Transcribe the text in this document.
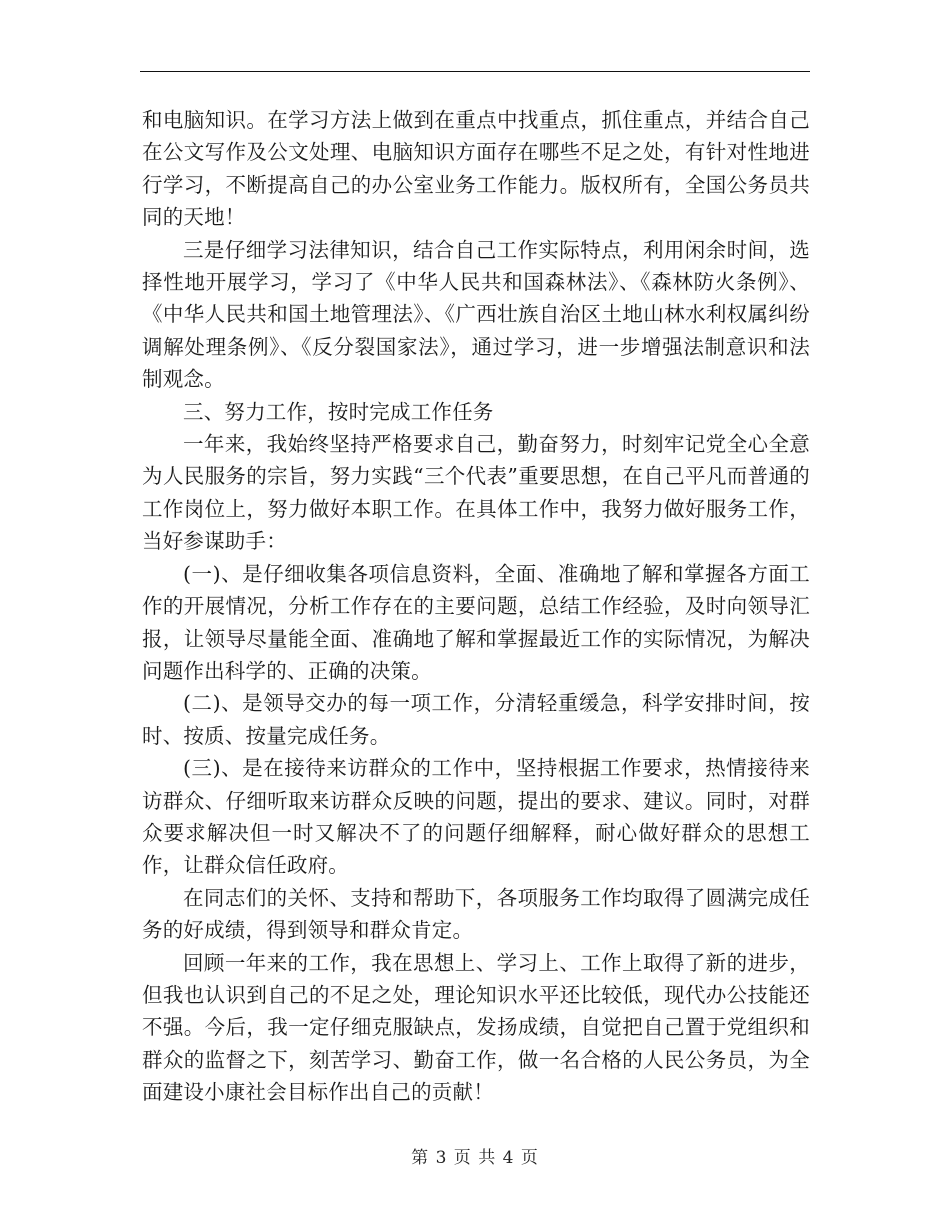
和电脑知识。在学习方法上做到在重点中找重点，抓住重点，并结合自己在公文写作及公文处理、电脑知识方面存在哪些不足之处，有针对性地进行学习，不断提高自己的办公室业务工作能力。版权所有，全国公务员共同的天地！

三是仔细学习法律知识，结合自己工作实际特点，利用闲余时间，选择性地开展学习，学习了《中华人民共和国森林法》、《森林防火条例》、《中华人民共和国土地管理法》、《广西壮族自治区土地山林水利权属纠纷调解处理条例》、《反分裂国家法》，通过学习，进一步增强法制意识和法制观念。

三、努力工作，按时完成工作任务

一年来，我始终坚持严格要求自己，勤奋努力，时刻牢记党全心全意为人民服务的宗旨，努力实践“三个代表”重要思想，在自己平凡而普通的工作岗位上，努力做好本职工作。在具体工作中，我努力做好服务工作，当好参谋助手：

(一)、是仔细收集各项信息资料，全面、准确地了解和掌握各方面工作的开展情况，分析工作存在的主要问题，总结工作经验，及时向领导汇报，让领导尽量能全面、准确地了解和掌握最近工作的实际情况，为解决问题作出科学的、正确的决策。

(二)、是领导交办的每一项工作，分清轻重缓急，科学安排时间，按时、按质、按量完成任务。

(三)、是在接待来访群众的工作中，坚持根据工作要求，热情接待来访群众、仔细听取来访群众反映的问题，提出的要求、建议。同时，对群众要求解决但一时又解决不了的问题仔细解释，耐心做好群众的思想工作，让群众信任政府。

在同志们的关怀、支持和帮助下，各项服务工作均取得了圆满完成任务的好成绩，得到领导和群众肯定。

回顾一年来的工作，我在思想上、学习上、工作上取得了新的进步，但我也认识到自己的不足之处，理论知识水平还比较低，现代办公技能还不强。今后，我一定仔细克服缺点，发扬成绩，自觉把自己置于党组织和群众的监督之下，刻苦学习、勤奋工作，做一名合格的人民公务员，为全面建设小康社会目标作出自己的贡献！

第 3 页 共 4 页
